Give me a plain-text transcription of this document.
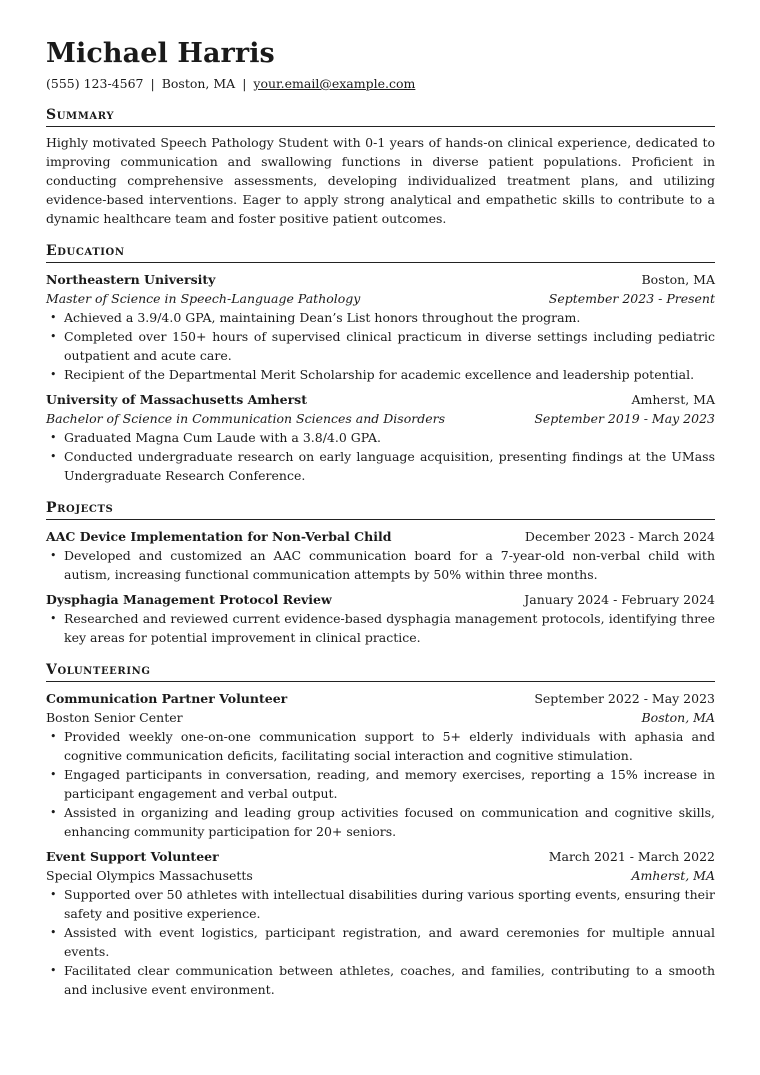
Michael Harris
(555) 123-4567 | Boston, MA | your.email@example.com
Summary

Highly motivated Speech Pathology Student with 0-1 years of hands-on clinical experience, dedicated to improving communication and swallowing functions in diverse patient populations. Proficient in conducting comprehensive assessments, developing individualized treatment plans, and utilizing evidence-based interventions. Eager to apply strong analytical and empathetic skills to contribute to a dynamic healthcare team and foster positive patient outcomes.

Education
Northeastern University	Boston, MA
Master of Science in Speech-Language Pathology	September 2023 - Present
• Achieved a 3.9/4.0 GPA, maintaining Dean’s List honors throughout the program.
• Completed over 150+ hours of supervised clinical practicum in diverse settings including pediatric outpatient and acute care.
• Recipient of the Departmental Merit Scholarship for academic excellence and leadership potential.
University of Massachusetts Amherst	Amherst, MA
Bachelor of Science in Communication Sciences and Disorders	September 2019 - May 2023
• Graduated Magna Cum Laude with a 3.8/4.0 GPA.
• Conducted undergraduate research on early language acquisition, presenting findings at the UMass Undergraduate Research Conference.
Projects
AAC Device Implementation for Non-Verbal Child	December 2023 - March 2024
• Developed and customized an AAC communication board for a 7-year-old non-verbal child with autism, increasing functional communication attempts by 50% within three months.
Dysphagia Management Protocol Review	January 2024 - February 2024
• Researched and reviewed current evidence-based dysphagia management protocols, identifying three key areas for potential improvement in clinical practice.
Volunteering
Communication Partner Volunteer	September 2022 - May 2023
Boston Senior Center	Boston, MA
• Provided weekly one-on-one communication support to 5+ elderly individuals with aphasia and cognitive communication deficits, facilitating social interaction and cognitive stimulation.
• Engaged participants in conversation, reading, and memory exercises, reporting a 15% increase in participant engagement and verbal output.
• Assisted in organizing and leading group activities focused on communication and cognitive skills, enhancing community participation for 20+ seniors.
Event Support Volunteer	March 2021 - March 2022
Special Olympics Massachusetts	Amherst, MA
• Supported over 50 athletes with intellectual disabilities during various sporting events, ensuring their safety and positive experience.
• Assisted with event logistics, participant registration, and award ceremonies for multiple annual events.
• Facilitated clear communication between athletes, coaches, and families, contributing to a smooth and inclusive event environment.
